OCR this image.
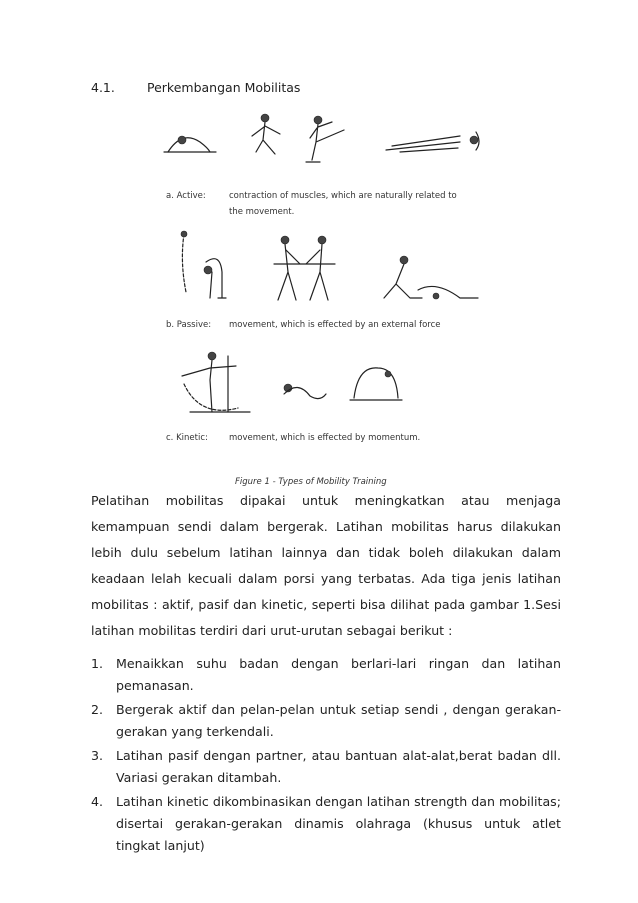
4.1.	Perkembangan Mobilitas
a. Active:	contraction of muscles, which are naturally related to
the movement.
b. Passive: movement, which is effected by an external force
c. Kinetic: movement, which is effected by momentum.
Figure 1 - Types of Mobility Training

Pelatihan mobilitas dipakai untuk meningkatkan atau menjaga kemampuan sendi dalam bergerak. Latihan mobilitas harus dilakukan lebih dulu sebelum latihan lainnya dan tidak boleh dilakukan dalam keadaan lelah kecuali dalam porsi yang terbatas. Ada tiga jenis latihan mobilitas : aktif, pasif dan kinetic, seperti bisa dilihat pada gambar 1.Sesi latihan mobilitas terdiri dari urut-urutan sebagai berikut :

1. Menaikkan suhu badan dengan berlari-lari ringan dan latihan pemanasan.
2. Bergerak aktif dan pelan-pelan untuk setiap sendi , dengan gerakan-gerakan yang terkendali.
3. Latihan pasif dengan partner, atau bantuan alat-alat,berat badan dll. Variasi gerakan ditambah.
4. Latihan kinetic dikombinasikan dengan latihan strength dan mobilitas; disertai gerakan-gerakan dinamis olahraga (khusus untuk atlet tingkat lanjut)
